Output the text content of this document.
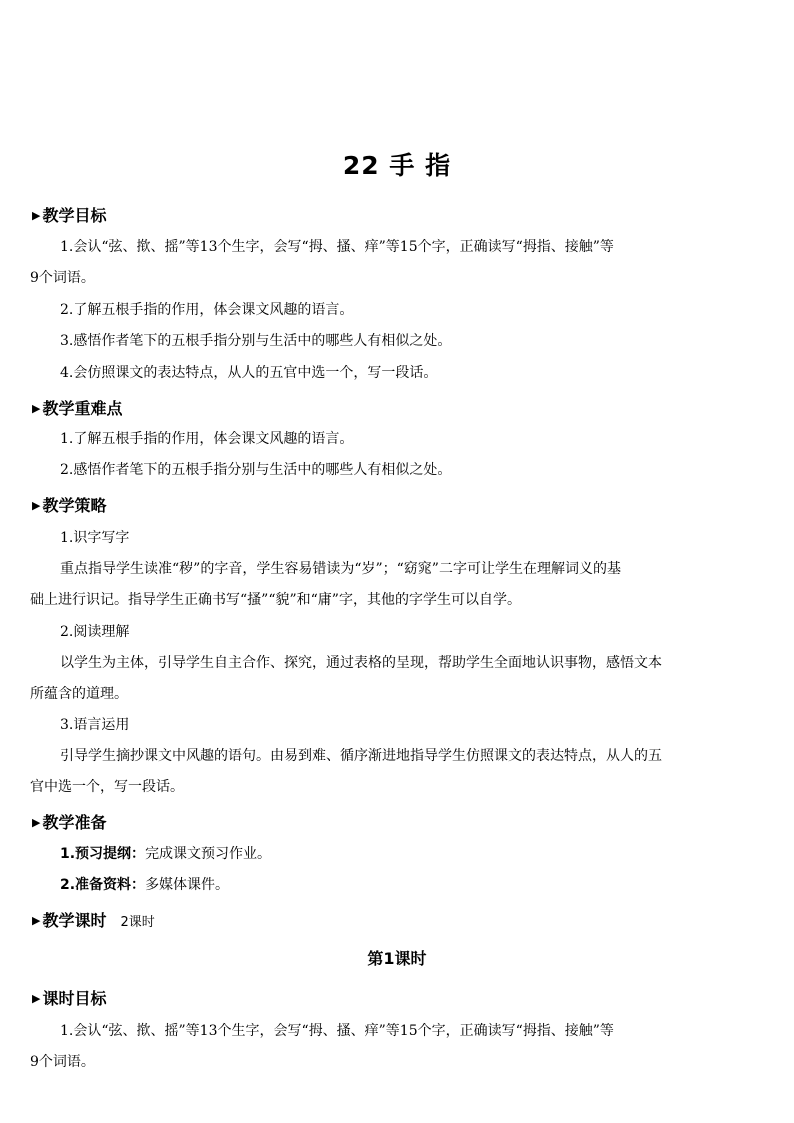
22 手 指
▶ 教学目标
1.会认“弦、揿、摇”等13个生字，会写“拇、搔、痒”等15个字，正确读写“拇指、接触”等
9个词语。
2.了解五根手指的作用，体会课文风趣的语言。
3.感悟作者笔下的五根手指分别与生活中的哪些人有相似之处。
4.会仿照课文的表达特点，从人的五官中选一个，写一段话。
▶ 教学重难点
1.了解五根手指的作用，体会课文风趣的语言。
2.感悟作者笔下的五根手指分别与生活中的哪些人有相似之处。
▶ 教学策略
1.识字写字
重点指导学生读准“秽”的字音，学生容易错读为“岁”；“窈窕”二字可让学生在理解词义的基
础上进行识记。指导学生正确书写“搔”“貌”和“庸”字，其他的字学生可以自学。
2.阅读理解
以学生为主体，引导学生自主合作、探究，通过表格的呈现，帮助学生全面地认识事物，感悟文本
所蕴含的道理。
3.语言运用
引导学生摘抄课文中风趣的语句。由易到难、循序渐进地指导学生仿照课文的表达特点，从人的五
官中选一个，写一段话。
▶ 教学准备
1.预习提纲：完成课文预习作业。
2.准备资料：多媒体课件。
▶ 教学课时 2课时
第1课时
▶ 课时目标
1.会认“弦、揿、摇”等13个生字，会写“拇、搔、痒”等15个字，正确读写“拇指、接触”等
9个词语。
